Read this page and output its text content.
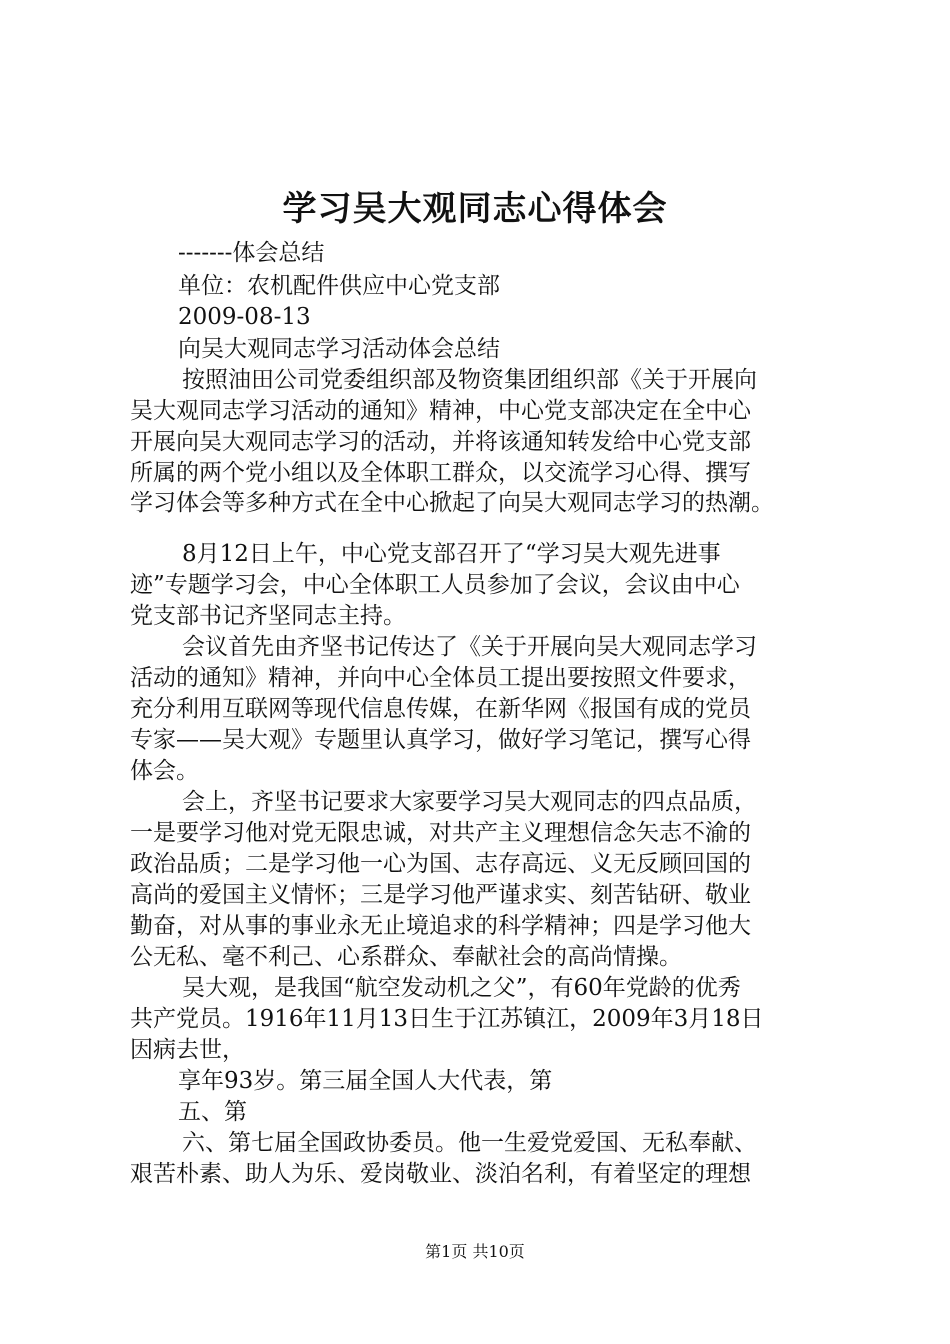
学习吴大观同志心得体会
-------体会总结
单位：农机配件供应中心党支部
2009-08-13
向吴大观同志学习活动体会总结
按照油田公司党委组织部及物资集团组织部《关于开展向
吴大观同志学习活动的通知》精神，中心党支部决定在全中心
开展向吴大观同志学习的活动，并将该通知转发给中心党支部
所属的两个党小组以及全体职工群众，以交流学习心得、撰写
学习体会等多种方式在全中心掀起了向吴大观同志学习的热潮。
8月12日上午，中心党支部召开了“学习吴大观先进事
迹”专题学习会，中心全体职工人员参加了会议，会议由中心
党支部书记齐坚同志主持。
会议首先由齐坚书记传达了《关于开展向吴大观同志学习
活动的通知》精神，并向中心全体员工提出要按照文件要求，
充分利用互联网等现代信息传媒，在新华网《报国有成的党员
专家——吴大观》专题里认真学习，做好学习笔记，撰写心得
体会。
会上，齐坚书记要求大家要学习吴大观同志的四点品质，
一是要学习他对党无限忠诚，对共产主义理想信念矢志不渝的
政治品质；二是学习他一心为国、志存高远、义无反顾回国的
高尚的爱国主义情怀；三是学习他严谨求实、刻苦钻研、敬业
勤奋，对从事的事业永无止境追求的科学精神；四是学习他大
公无私、毫不利己、心系群众、奉献社会的高尚情操。
吴大观，是我国“航空发动机之父”，有60年党龄的优秀
共产党员。1916年11月13日生于江苏镇江，2009年3月18日
因病去世，
享年93岁。第三届全国人大代表，第
五、第
六、第七届全国政协委员。他一生爱党爱国、无私奉献、
艰苦朴素、助人为乐、爱岗敬业、淡泊名利，有着坚定的理想
第1页 共10页
